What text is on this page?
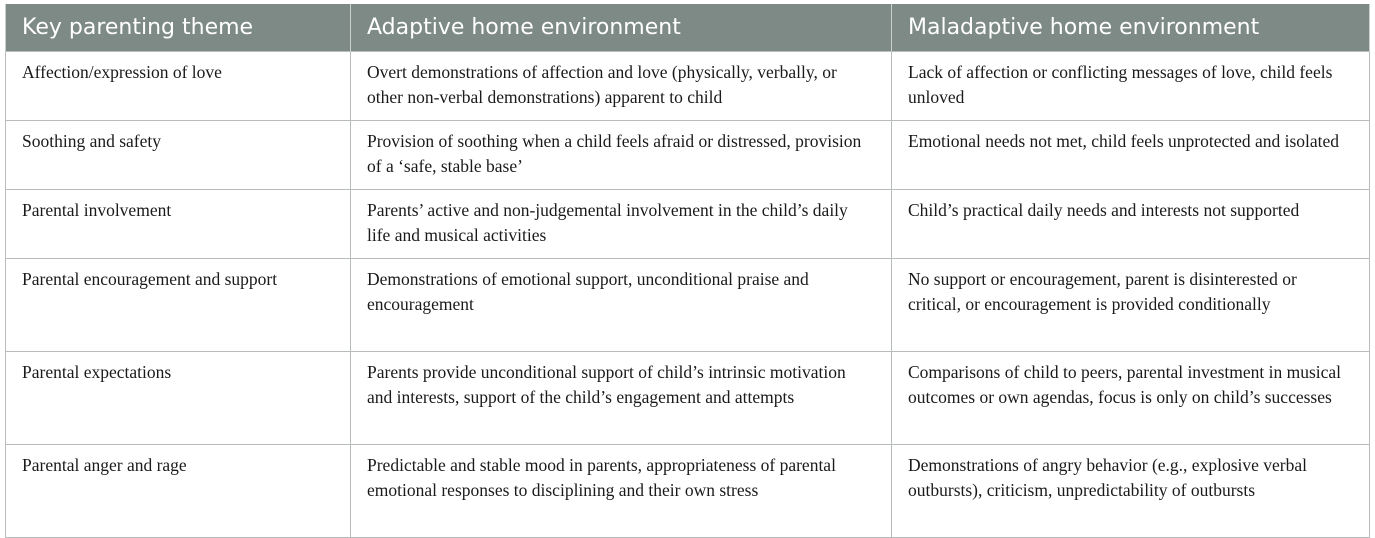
Key parenting theme	Adaptive home environment	Maladaptive home environment
Affection/expression of love	Overt demonstrations of affection and love (physically, verbally, or other non-verbal demonstrations) apparent to child	Lack of affection or conflicting messages of love, child feels unloved
Soothing and safety	Provision of soothing when a child feels afraid or distressed, provision of a ‘safe, stable base’	Emotional needs not met, child feels unprotected and isolated
Parental involvement	Parents’ active and non-judgemental involvement in the child’s daily life and musical activities	Child’s practical daily needs and interests not supported
Parental encouragement and support	Demonstrations of emotional support, unconditional praise and encouragement	No support or encouragement, parent is disinterested or critical, or encouragement is provided conditionally
Parental expectations	Parents provide unconditional support of child’s intrinsic motivation and interests, support of the child’s engagement and attempts	Comparisons of child to peers, parental investment in musical outcomes or own agendas, focus is only on child’s successes
Parental anger and rage	Predictable and stable mood in parents, appropriateness of parental emotional responses to disciplining and their own stress	Demonstrations of angry behavior (e.g., explosive verbal outbursts), criticism, unpredictability of outbursts
